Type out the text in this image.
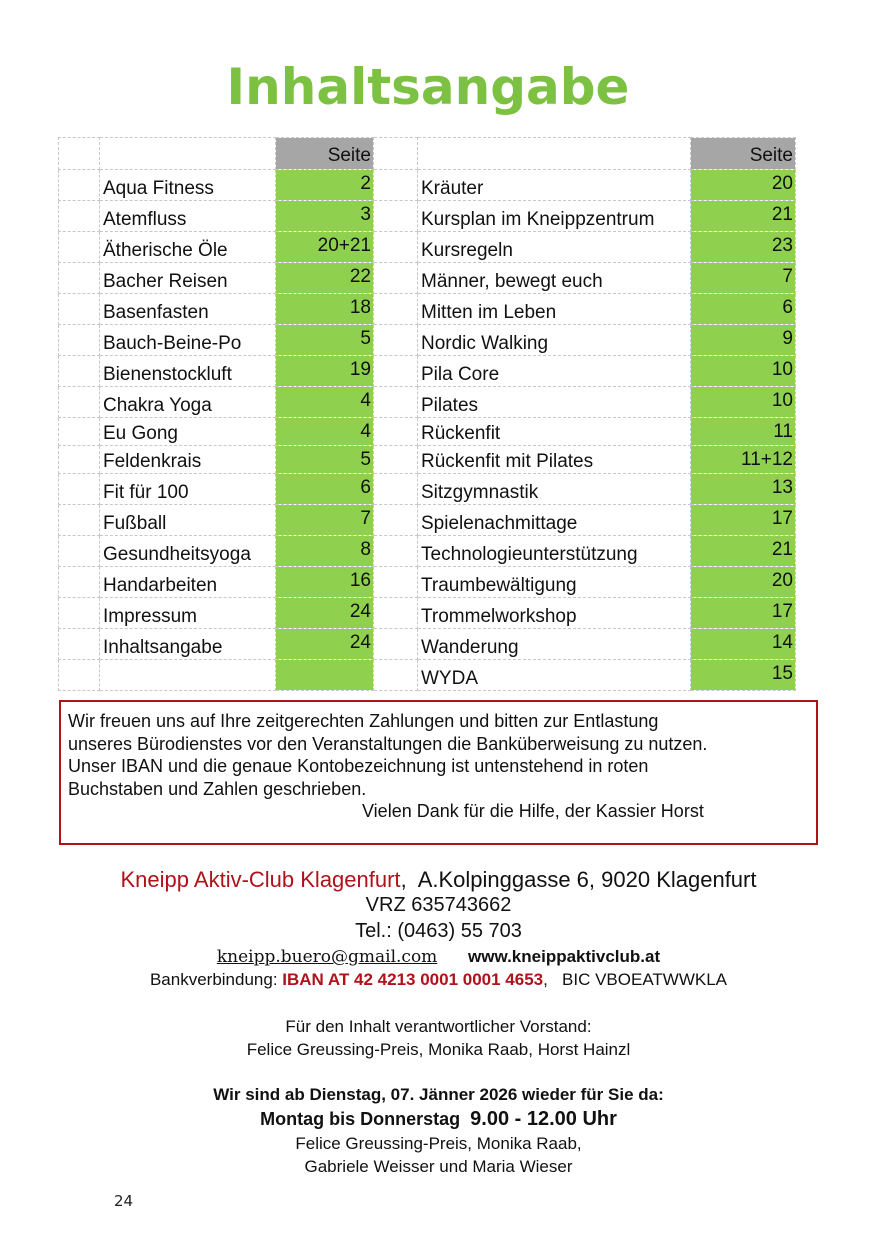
Inhaltsangabe
		Seite			Seite
	Aqua Fitness	2		Kräuter	20
	Atemfluss	3		Kursplan im Kneippzentrum	21
	Ätherische Öle	20+21		Kursregeln	23
	Bacher Reisen	22		Männer, bewegt euch	7
	Basenfasten	18		Mitten im Leben	6
	Bauch-Beine-Po	5		Nordic Walking	9
	Bienenstockluft	19		Pila Core	10
	Chakra Yoga	4		Pilates	10
	Eu Gong	4		Rückenfit	11
	Feldenkrais	5		Rückenfit mit Pilates	11+12
	Fit für 100	6		Sitzgymnastik	13
	Fußball	7		Spielenachmittage	17
	Gesundheitsyoga	8		Technologieunterstützung	21
	Handarbeiten	16		Traumbewältigung	20
	Impressum	24		Trommelworkshop	17
	Inhaltsangabe	24		Wanderung	14
				WYDA	15
Wir freuen uns auf Ihre zeitgerechten Zahlungen und bitten zur Entlastung
unseres Bürodienstes vor den Veranstaltungen die Banküberweisung zu nutzen.
Unser IBAN und die genaue Kontobezeichnung ist untenstehend in roten
Buchstaben und Zahlen geschrieben.
Vielen Dank für die Hilfe, der Kassier Horst
Kneipp Aktiv-Club Klagenfurt,  A.Kolpinggasse 6, 9020 Klagenfurt
VRZ 635743662
Tel.: (0463) 55 703
kneipp.buero@gmail.com www.kneippaktivclub.at
Bankverbindung: IBAN AT 42 4213 0001 0001 4653,   BIC VBOEATWWKLA
Für den Inhalt verantwortlicher Vorstand:
Felice Greussing-Preis, Monika Raab, Horst Hainzl
Wir sind ab Dienstag, 07. Jänner 2026 wieder für Sie da:
Montag bis Donnerstag 9.00 - 12.00 Uhr
Felice Greussing-Preis, Monika Raab,
Gabriele Weisser und Maria Wieser
24
